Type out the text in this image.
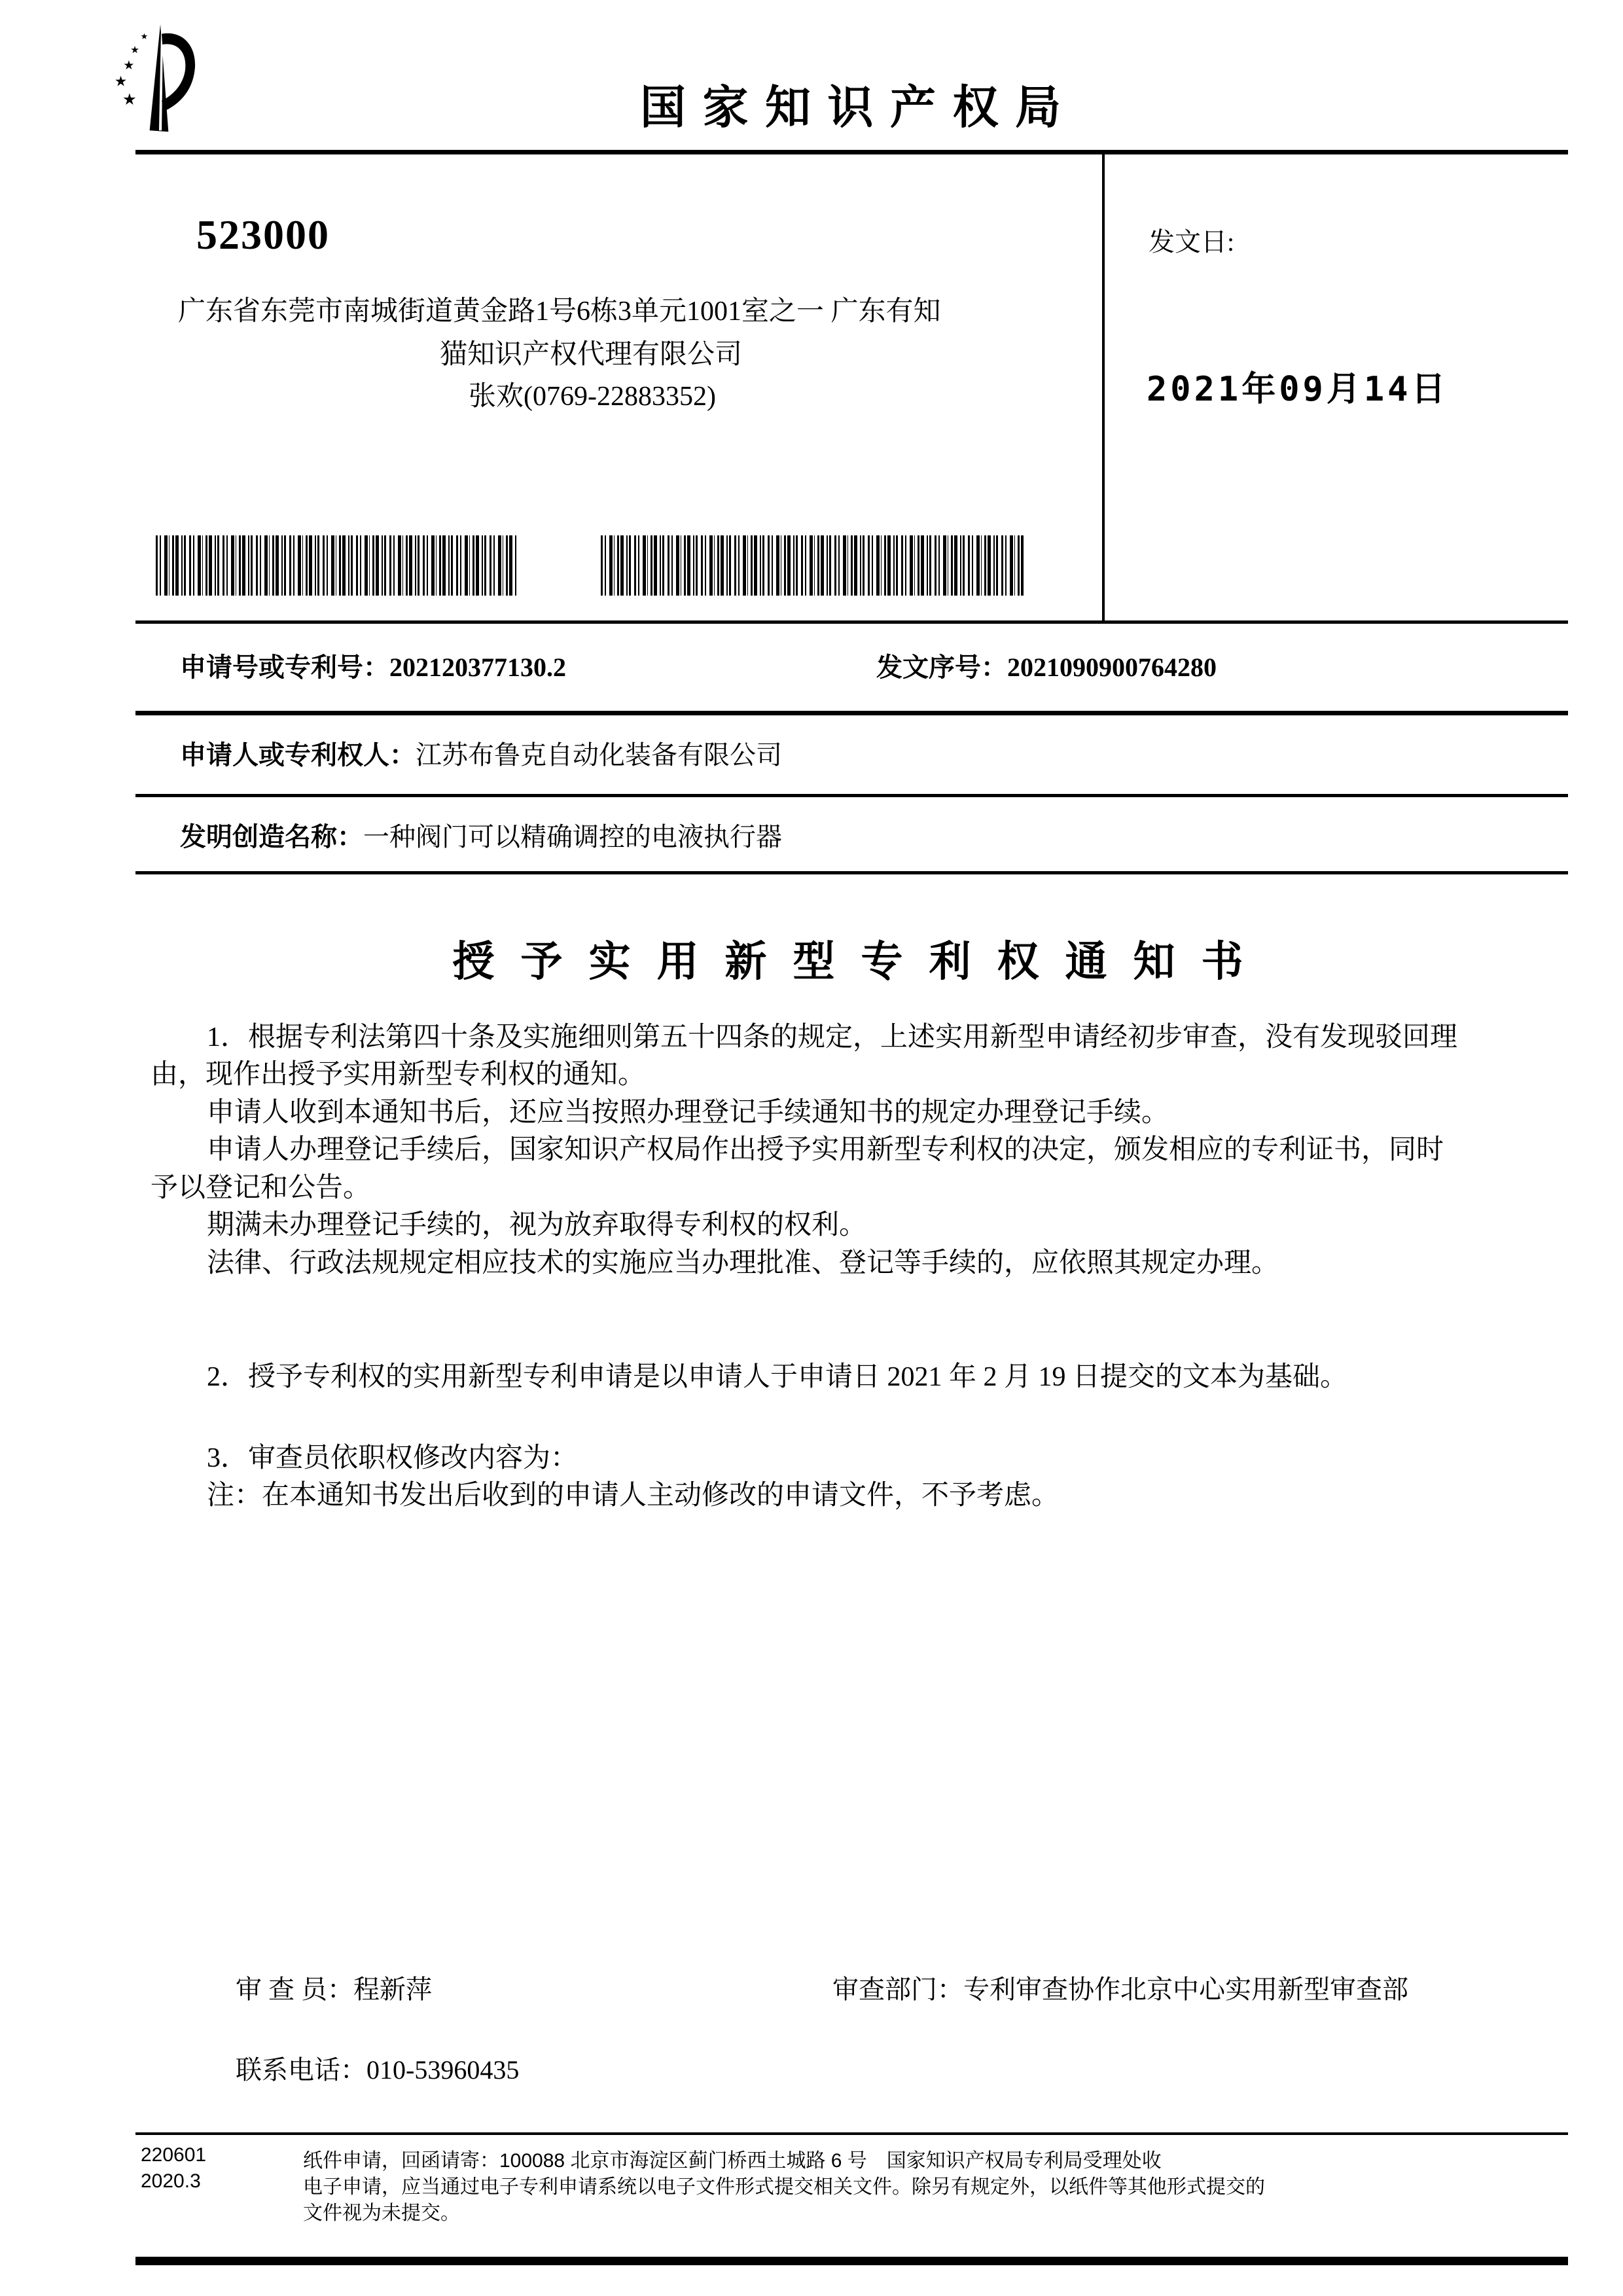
国 家 知 识 产 权 局
523000
广东省东莞市南城街道黄金路1号6栋3单元1001室之一 广东有知
猫知识产权代理有限公司
张欢(0769-22883352)
发文日:
2021年09月14日
申请号或专利号：202120377130.2	发文序号：2021090900764280
申请人或专利权人：江苏布鲁克自动化装备有限公司
发明创造名称：一种阀门可以精确调控的电液执行器
授 予 实 用 新 型 专 利 权 通 知 书
1．根据专利法第四十条及实施细则第五十四条的规定，上述实用新型申请经初步审查，没有发现驳回理
由，现作出授予实用新型专利权的通知。
申请人收到本通知书后，还应当按照办理登记手续通知书的规定办理登记手续。
申请人办理登记手续后，国家知识产权局作出授予实用新型专利权的决定，颁发相应的专利证书，同时
予以登记和公告。
期满未办理登记手续的，视为放弃取得专利权的权利。
法律、行政法规规定相应技术的实施应当办理批准、登记等手续的，应依照其规定办理。
2．授予专利权的实用新型专利申请是以申请人于申请日 2021 年 2 月 19 日提交的文本为基础。
3．审查员依职权修改内容为：
注：在本通知书发出后收到的申请人主动修改的申请文件，不予考虑。
审 查 员：程新萍	审查部门：专利审查协作北京中心实用新型审查部
联系电话：010-53960435
220601
2020.3
纸件申请，回函请寄：100088 北京市海淀区蓟门桥西土城路 6 号　国家知识产权局专利局受理处收
电子申请，应当通过电子专利申请系统以电子文件形式提交相关文件。除另有规定外，以纸件等其他形式提交的
文件视为未提交。
